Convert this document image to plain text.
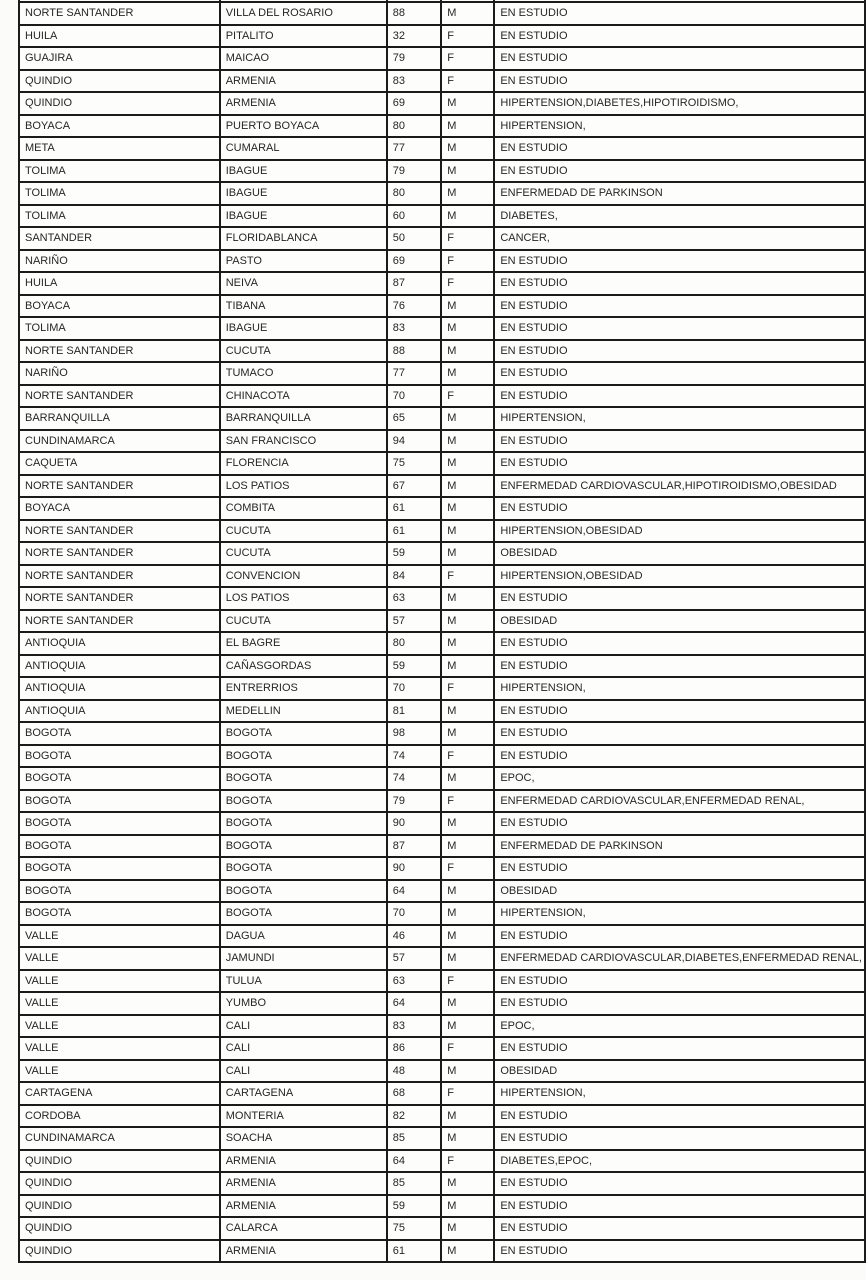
NORTE SANTANDER	VILLA DEL ROSARIO	88	M	EN ESTUDIO
HUILA	PITALITO	32	F	EN ESTUDIO
GUAJIRA	MAICAO	79	F	EN ESTUDIO
QUINDIO	ARMENIA	83	F	EN ESTUDIO
QUINDIO	ARMENIA	69	M	HIPERTENSION,DIABETES,HIPOTIROIDISMO,
BOYACA	PUERTO BOYACA	80	M	HIPERTENSION,
META	CUMARAL	77	M	EN ESTUDIO
TOLIMA	IBAGUE	79	M	EN ESTUDIO
TOLIMA	IBAGUE	80	M	ENFERMEDAD DE PARKINSON
TOLIMA	IBAGUE	60	M	DIABETES,
SANTANDER	FLORIDABLANCA	50	F	CANCER,
NARIÑO	PASTO	69	F	EN ESTUDIO
HUILA	NEIVA	87	F	EN ESTUDIO
BOYACA	TIBANA	76	M	EN ESTUDIO
TOLIMA	IBAGUE	83	M	EN ESTUDIO
NORTE SANTANDER	CUCUTA	88	M	EN ESTUDIO
NARIÑO	TUMACO	77	M	EN ESTUDIO
NORTE SANTANDER	CHINACOTA	70	F	EN ESTUDIO
BARRANQUILLA	BARRANQUILLA	65	M	HIPERTENSION,
CUNDINAMARCA	SAN FRANCISCO	94	M	EN ESTUDIO
CAQUETA	FLORENCIA	75	M	EN ESTUDIO
NORTE SANTANDER	LOS PATIOS	67	M	ENFERMEDAD CARDIOVASCULAR,HIPOTIROIDISMO,OBESIDAD
BOYACA	COMBITA	61	M	EN ESTUDIO
NORTE SANTANDER	CUCUTA	61	M	HIPERTENSION,OBESIDAD
NORTE SANTANDER	CUCUTA	59	M	OBESIDAD
NORTE SANTANDER	CONVENCION	84	F	HIPERTENSION,OBESIDAD
NORTE SANTANDER	LOS PATIOS	63	M	EN ESTUDIO
NORTE SANTANDER	CUCUTA	57	M	OBESIDAD
ANTIOQUIA	EL BAGRE	80	M	EN ESTUDIO
ANTIOQUIA	CAÑASGORDAS	59	M	EN ESTUDIO
ANTIOQUIA	ENTRERRIOS	70	F	HIPERTENSION,
ANTIOQUIA	MEDELLIN	81	M	EN ESTUDIO
BOGOTA	BOGOTA	98	M	EN ESTUDIO
BOGOTA	BOGOTA	74	F	EN ESTUDIO
BOGOTA	BOGOTA	74	M	EPOC,
BOGOTA	BOGOTA	79	F	ENFERMEDAD CARDIOVASCULAR,ENFERMEDAD RENAL,
BOGOTA	BOGOTA	90	M	EN ESTUDIO
BOGOTA	BOGOTA	87	M	ENFERMEDAD DE PARKINSON
BOGOTA	BOGOTA	90	F	EN ESTUDIO
BOGOTA	BOGOTA	64	M	OBESIDAD
BOGOTA	BOGOTA	70	M	HIPERTENSION,
VALLE	DAGUA	46	M	EN ESTUDIO
VALLE	JAMUNDI	57	M	ENFERMEDAD CARDIOVASCULAR,DIABETES,ENFERMEDAD RENAL,
VALLE	TULUA	63	F	EN ESTUDIO
VALLE	YUMBO	64	M	EN ESTUDIO
VALLE	CALI	83	M	EPOC,
VALLE	CALI	86	F	EN ESTUDIO
VALLE	CALI	48	M	OBESIDAD
CARTAGENA	CARTAGENA	68	F	HIPERTENSION,
CORDOBA	MONTERIA	82	M	EN ESTUDIO
CUNDINAMARCA	SOACHA	85	M	EN ESTUDIO
QUINDIO	ARMENIA	64	F	DIABETES,EPOC,
QUINDIO	ARMENIA	85	M	EN ESTUDIO
QUINDIO	ARMENIA	59	M	EN ESTUDIO
QUINDIO	CALARCA	75	M	EN ESTUDIO
QUINDIO	ARMENIA	61	M	EN ESTUDIO
